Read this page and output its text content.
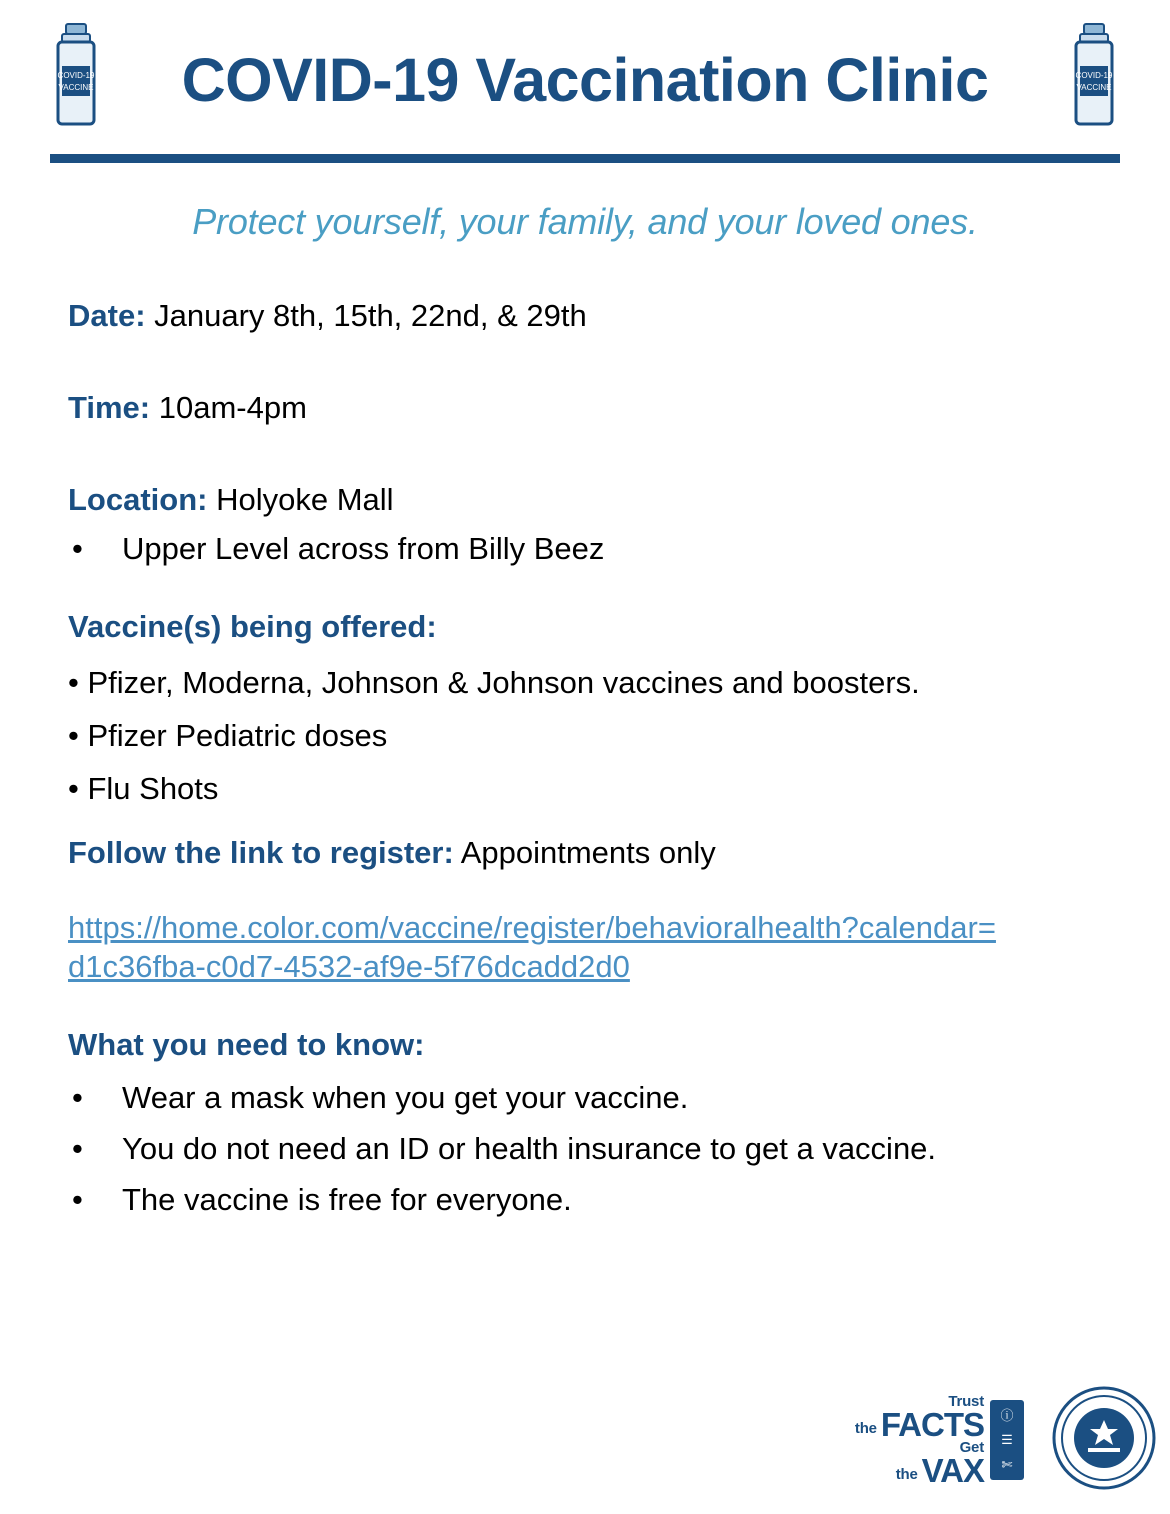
COVID-19
VACCINE COVID-19 Vaccination Clinic	COVID-19
VACCINE
Protect yourself, your family, and your loved ones.

Date: January 8th, 15th, 22nd, & 29th

Time: 10am-4pm

Location: Holyoke Mall

•	Upper Level across from Billy Beez

Vaccine(s) being offered:

• Pfizer, Moderna, Johnson & Johnson vaccines and boosters.

• Pfizer Pediatric doses

• Flu Shots

Follow the link to register: Appointments only

https://home.color.com/vaccine/register/behavioralhealth?calendar=
d1c36fba-c0d7-4532-af9e-5f76dcadd2d0

What you need to know:

•	Wear a mask when you get your vaccine.
•	You do not need an ID or health insurance to get a vaccine.
•	The vaccine is free for everyone.
Trust
the FACTS
Get
the VAX
ⓘ
☰
✄
